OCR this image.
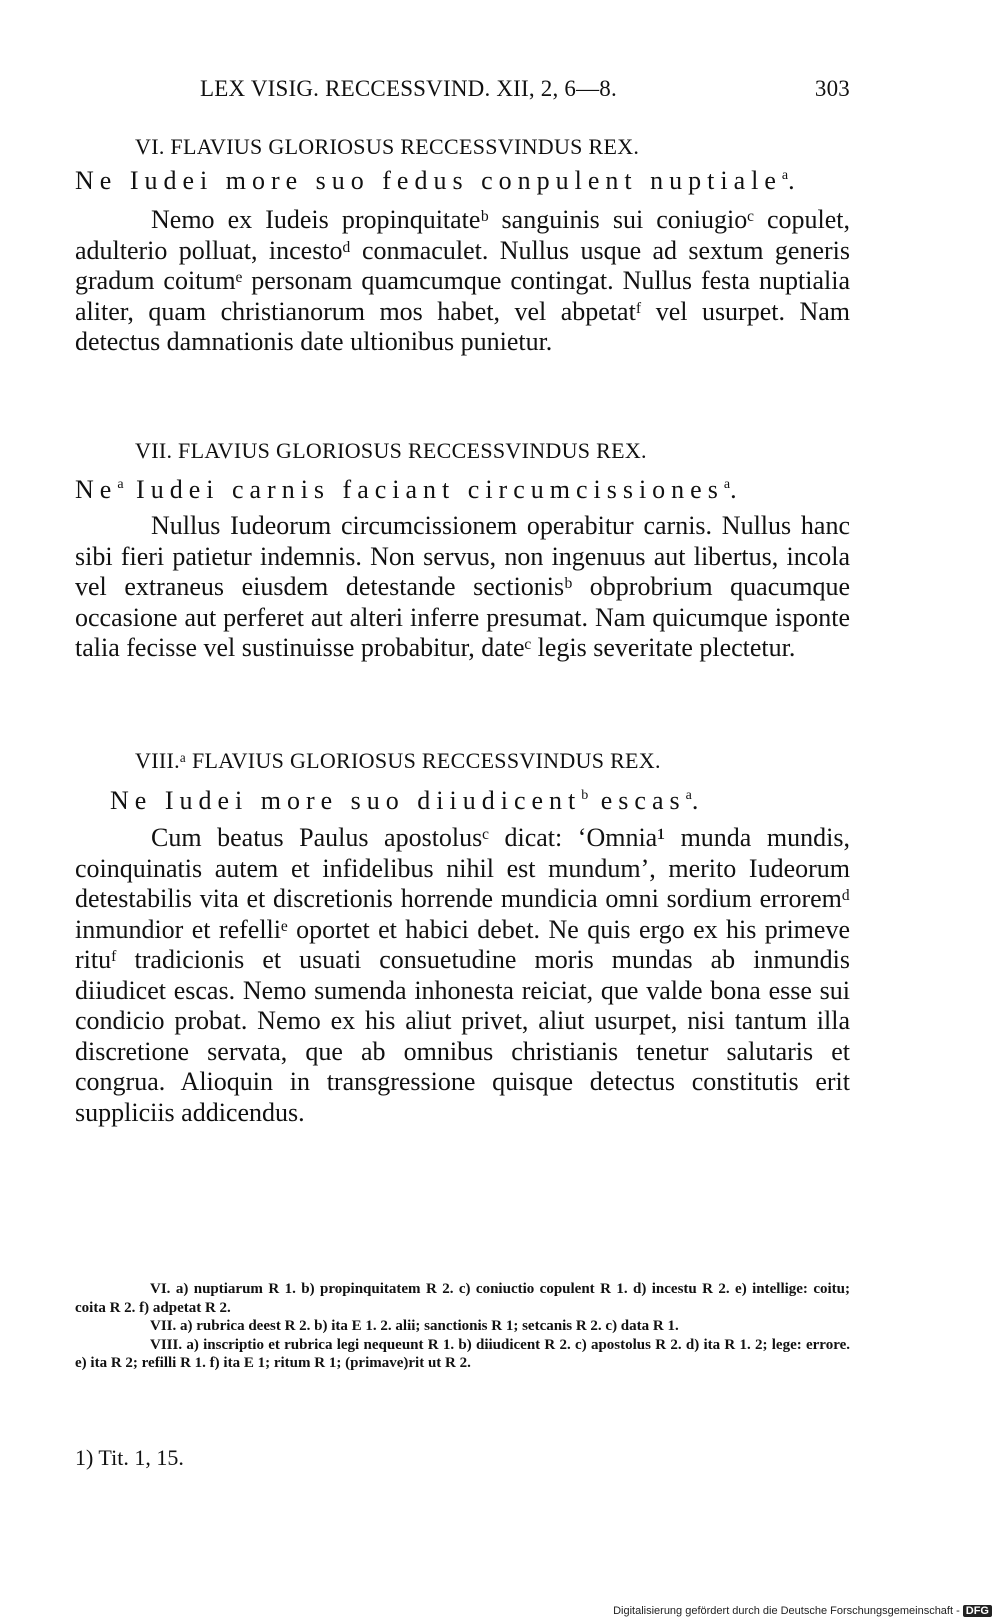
LEX VISIG. RECCESSVIND. XII, 2, 6—8.	303
VI. FLAVIUS GLORIOSUS RECCESSVINDUS REX.
Ne Iudei more suo fedus conpulent nuptiale$^a$.

Nemo ex Iudeis propinquitateᵇ sanguinis sui coniugioᶜ copulet, adulterio polluat, incestoᵈ conmaculet. Nullus usque ad sextum generis gradum coitumᵉ personam quamcumque contingat. Nullus festa nuptialia aliter, quam christianorum mos habet, vel abpetatᶠ vel usurpet. Nam detectus damnationis date ultionibus punietur.

VII. FLAVIUS GLORIOSUS RECCESSVINDUS REX.
Ne$^a$ Iudei carnis faciant circumcissiones$^a$.

Nullus Iudeorum circumcissionem operabitur carnis. Nullus hanc sibi fieri patietur indemnis. Non servus, non ingenuus aut libertus, incola vel extraneus eiusdem detestande sectionisᵇ obprobrium quacumque occasione aut perferet aut alteri inferre presumat. Nam quicumque isponte talia fecisse vel sustinuisse probabitur, dateᶜ legis severitate plectetur.

VIII.ᵃ FLAVIUS GLORIOSUS RECCESSVINDUS REX.
Ne Iudei more suo diiudicent$^b$ escas$^a$.

Cum beatus Paulus apostolusᶜ dicat: ‘Omnia¹ munda mundis, coinquinatis autem et infidelibus nihil est mundum’, merito Iudeorum detestabilis vita et discretionis horrende mundicia omni sordium erroremᵈ inmundior et refelliᵉ oportet et habici debet. Ne quis ergo ex his primeve rituᶠ tradicionis et usuati consuetudine moris mundas ab inmundis diiudicet escas. Nemo sumenda inhonesta reiciat, que valde bona esse sui condicio probat. Nemo ex his aliut privet, aliut usurpet, nisi tantum illa discretione servata, que ab omnibus christianis tenetur salutaris et congrua. Alioquin in transgressione quisque detectus constitutis erit suppliciis addicendus.

VI. a) nuptiarum R 1. b) propinquitatem R 2. c) coniuctio copulent R 1. d) incestu R 2. e) intellige: coitu; coita R 2. f) adpetat R 2.

VII. a) rubrica deest R 2. b) ita E 1. 2. alii; sanctionis R 1; setcanis R 2. c) data R 1.

VIII. a) inscriptio et rubrica legi nequeunt R 1. b) diiudicent R 2. c) apostolus R 2. d) ita R 1. 2; lege: errore. e) ita R 2; refilli R 1. f) ita E 1; ritum R 1; (primave)rit ut R 2.

1) Tit. 1, 15.
Digitalisierung gefördert durch die Deutsche Forschungsgemeinschaft - DFG
